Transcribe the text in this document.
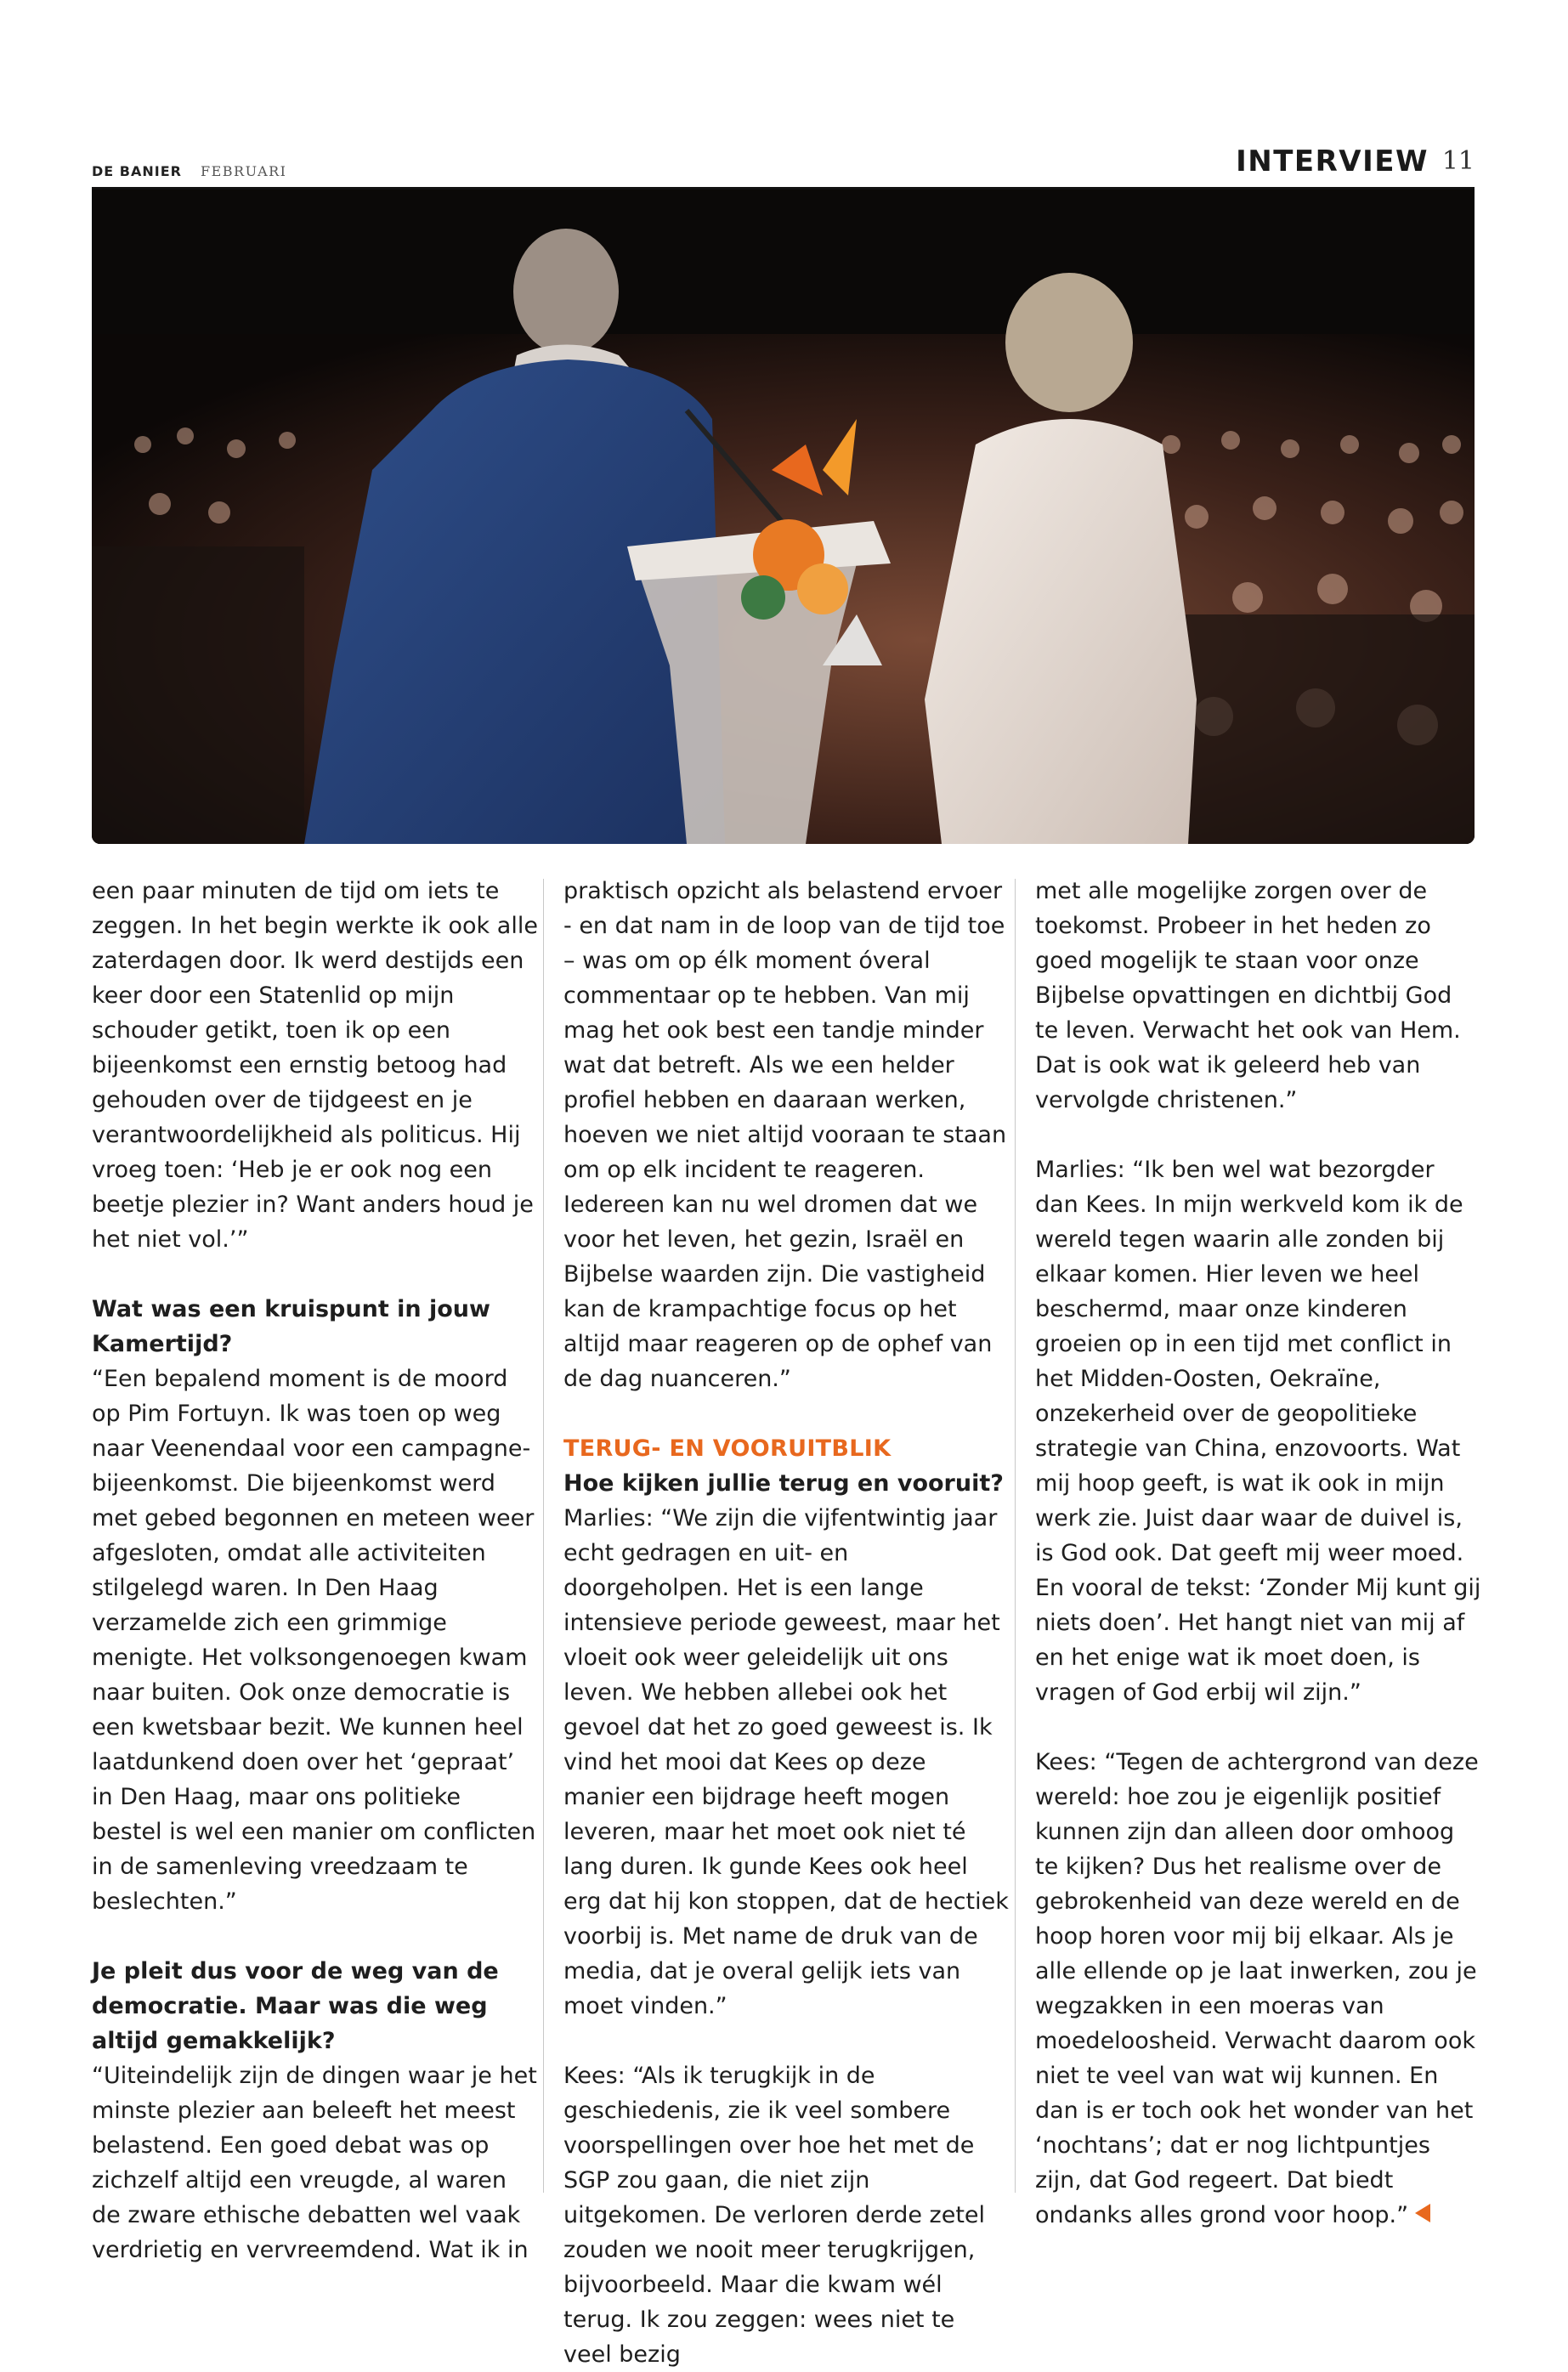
DE BANIER FEBRUARI	INTERVIEW 11

een paar minuten de tijd om iets te zeggen. In het begin werkte ik ook alle zaterdagen door. Ik werd destijds een keer door een Statenlid op mijn schouder getikt, toen ik op een bijeenkomst een ernstig betoog had gehouden over de tijdgeest en je verantwoordelijkheid als politicus. Hij vroeg toen: ‘Heb je er ook nog een beetje plezier in? Want anders houd je het niet vol.’”

Wat was een kruispunt in jouw Kamertijd?

“Een bepalend moment is de moord op Pim Fortuyn. Ik was toen op weg naar Veenendaal voor een campagne-bijeenkomst. Die bijeenkomst werd met gebed begonnen en meteen weer afgesloten, omdat alle activiteiten stilgelegd waren. In Den Haag verzamelde zich een grimmige menigte. Het volksongenoegen kwam naar buiten. Ook onze democratie is een kwetsbaar bezit. We kunnen heel laatdunkend doen over het ‘gepraat’ in Den Haag, maar ons politieke bestel is wel een manier om conflicten in de samenleving vreedzaam te beslechten.”

Je pleit dus voor de weg van de democratie. Maar was die weg altijd gemakkelijk?

“Uiteindelijk zijn de dingen waar je het minste plezier aan beleeft het meest belastend. Een goed debat was op zichzelf altijd een vreugde, al waren de zware ethische debatten wel vaak verdrietig en vervreemdend. Wat ik in

praktisch opzicht als belastend ervoer - en dat nam in de loop van de tijd toe – was om op élk moment óveral commentaar op te hebben. Van mij mag het ook best een tandje minder wat dat betreft. Als we een helder profiel hebben en daaraan werken, hoeven we niet altijd vooraan te staan om op elk incident te reageren. Iedereen kan nu wel dromen dat we voor het leven, het gezin, Israël en Bijbelse waarden zijn. Die vastigheid kan de krampachtige focus op het altijd maar reageren op de ophef van de dag nuanceren.”

TERUG- EN VOORUITBLIK

Hoe kijken jullie terug en vooruit?

Marlies: “We zijn die vijfentwintig jaar echt gedragen en uit- en doorgeholpen. Het is een lange intensieve periode geweest, maar het vloeit ook weer geleidelijk uit ons leven. We hebben allebei ook het gevoel dat het zo goed geweest is. Ik vind het mooi dat Kees op deze manier een bijdrage heeft mogen leveren, maar het moet ook niet té lang duren. Ik gunde Kees ook heel erg dat hij kon stoppen, dat de hectiek voorbij is. Met name de druk van de media, dat je overal gelijk iets van moet vinden.”

Kees: “Als ik terugkijk in de geschiedenis, zie ik veel sombere voorspellingen over hoe het met de SGP zou gaan, die niet zijn uitgekomen. De verloren derde zetel zouden we nooit meer terugkrijgen, bijvoorbeeld. Maar die kwam wél terug. Ik zou zeggen: wees niet te veel bezig

met alle mogelijke zorgen over de toekomst. Probeer in het heden zo goed mogelijk te staan voor onze Bijbelse opvattingen en dichtbij God te leven. Verwacht het ook van Hem. Dat is ook wat ik geleerd heb van vervolgde christenen.”

Marlies: “Ik ben wel wat bezorgder dan Kees. In mijn werkveld kom ik de wereld tegen waarin alle zonden bij elkaar komen. Hier leven we heel beschermd, maar onze kinderen groeien op in een tijd met conflict in het Midden-Oosten, Oekraïne, onzekerheid over de geopolitieke strategie van China, enzovoorts. Wat mij hoop geeft, is wat ik ook in mijn werk zie. Juist daar waar de duivel is, is God ook. Dat geeft mij weer moed. En vooral de tekst: ‘Zonder Mij kunt gij niets doen’. Het hangt niet van mij af en het enige wat ik moet doen, is vragen of God erbij wil zijn.”

Kees: “Tegen de achtergrond van deze wereld: hoe zou je eigenlijk positief kunnen zijn dan alleen door omhoog te kijken? Dus het realisme over de gebrokenheid van deze wereld en de hoop horen voor mij bij elkaar. Als je alle ellende op je laat inwerken, zou je wegzakken in een moeras van moedeloosheid. Verwacht daarom ook niet te veel van wat wij kunnen. En dan is er toch ook het wonder van het ‘nochtans’; dat er nog lichtpuntjes zijn, dat God regeert. Dat biedt ondanks alles grond voor hoop.”
